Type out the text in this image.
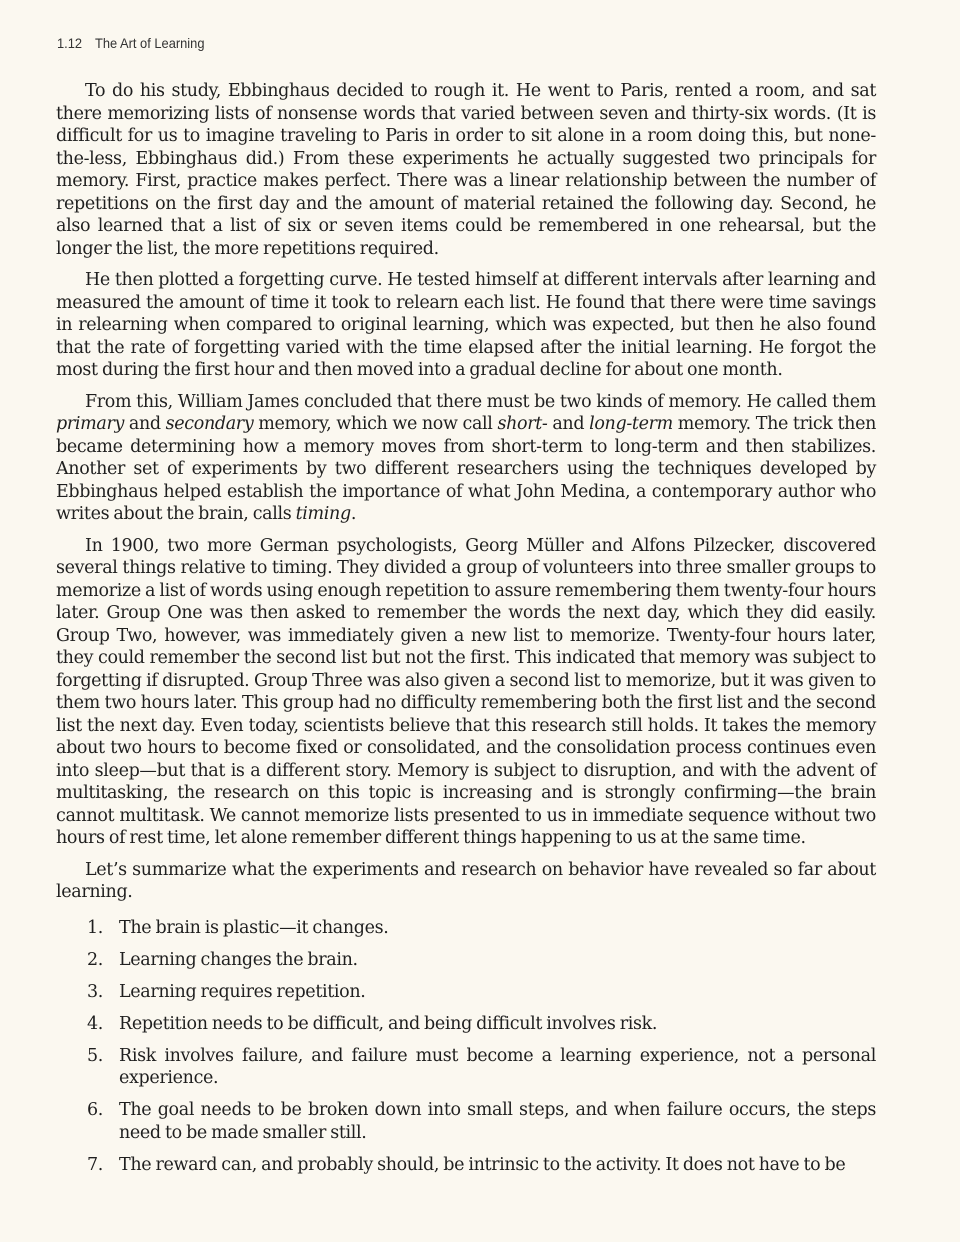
1.12 The Art of Learning

To do his study, Ebbinghaus decided to rough it. He went to Paris, rented a room, and sat there memorizing lists of nonsense words that varied between seven and thirty-six words. (It is difficult for us to imagine traveling to Paris in order to sit alone in a room doing this, but none-the-less, Ebbinghaus did.) From these experiments he actually suggested two principals for memory. First, practice makes perfect. There was a linear relationship between the number of repetitions on the first day and the amount of material retained the following day. Second, he also learned that a list of six or seven items could be remembered in one rehearsal, but the longer the list, the more repetitions required.

He then plotted a forgetting curve. He tested himself at different intervals after learning and measured the amount of time it took to relearn each list. He found that there were time savings in relearning when compared to original learning, which was expected, but then he also found that the rate of forgetting varied with the time elapsed after the initial learning. He forgot the most during the first hour and then moved into a gradual decline for about one month.

From this, William James concluded that there must be two kinds of memory. He called them primary and secondary memory, which we now call short- and long-term memory. The trick then became determining how a memory moves from short-term to long-term and then stabilizes. Another set of experiments by two different researchers using the techniques developed by Ebbinghaus helped establish the importance of what John Medina, a contemporary author who writes about the brain, calls timing.

In 1900, two more German psychologists, Georg Müller and Alfons Pilzecker, discovered several things relative to timing. They divided a group of volunteers into three smaller groups to memorize a list of words using enough repetition to assure remembering them twenty-four hours later. Group One was then asked to remember the words the next day, which they did easily. Group Two, however, was immediately given a new list to memorize. Twenty-four hours later, they could remember the second list but not the first. This indicated that memory was subject to forgetting if disrupted. Group Three was also given a second list to memorize, but it was given to them two hours later. This group had no difficulty remembering both the first list and the second list the next day. Even today, scientists believe that this research still holds. It takes the memory about two hours to become fixed or consolidated, and the consolidation process continues even into sleep—but that is a different story. Memory is subject to disruption, and with the advent of multitasking, the research on this topic is increasing and is strongly confirming—the brain cannot multitask. We cannot memorize lists presented to us in immediate sequence without two hours of rest time, let alone remember different things happening to us at the same time.

Let’s summarize what the experiments and research on behavior have revealed so far about learning.

1. The brain is plastic—it changes.
2. Learning changes the brain.
3. Learning requires repetition.
4. Repetition needs to be difficult, and being difficult involves risk.
5. Risk involves failure, and failure must become a learning experience, not a personal experience.
6. The goal needs to be broken down into small steps, and when failure occurs, the steps need to be made smaller still.
7. The reward can, and probably should, be intrinsic to the activity. It does not have to be
